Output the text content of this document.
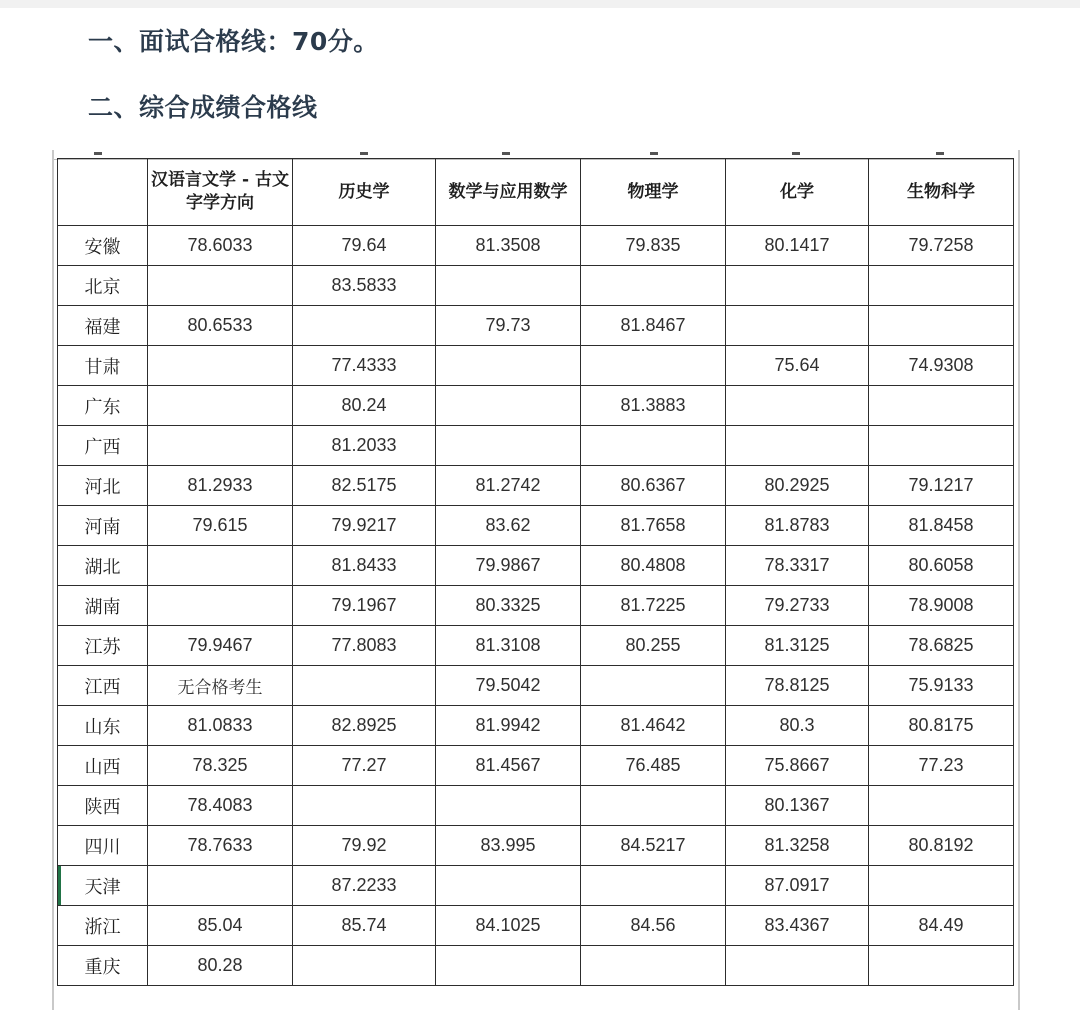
一、面试合格线：70分。
二、综合成绩合格线
	汉语言文学 - 古文字学方向	历史学	数学与应用数学	物理学	化学	生物科学
安徽	78.6033	79.64	81.3508	79.835	80.1417	79.7258
北京		83.5833				
福建	80.6533		79.73	81.8467		
甘肃		77.4333			75.64	74.9308
广东		80.24		81.3883		
广西		81.2033				
河北	81.2933	82.5175	81.2742	80.6367	80.2925	79.1217
河南	79.615	79.9217	83.62	81.7658	81.8783	81.8458
湖北		81.8433	79.9867	80.4808	78.3317	80.6058
湖南		79.1967	80.3325	81.7225	79.2733	78.9008
江苏	79.9467	77.8083	81.3108	80.255	81.3125	78.6825
江西	无合格考生		79.5042		78.8125	75.9133
山东	81.0833	82.8925	81.9942	81.4642	80.3	80.8175
山西	78.325	77.27	81.4567	76.485	75.8667	77.23
陕西	78.4083				80.1367	
四川	78.7633	79.92	83.995	84.5217	81.3258	80.8192
天津		87.2233			87.0917	
浙江	85.04	85.74	84.1025	84.56	83.4367	84.49
重庆	80.28					
